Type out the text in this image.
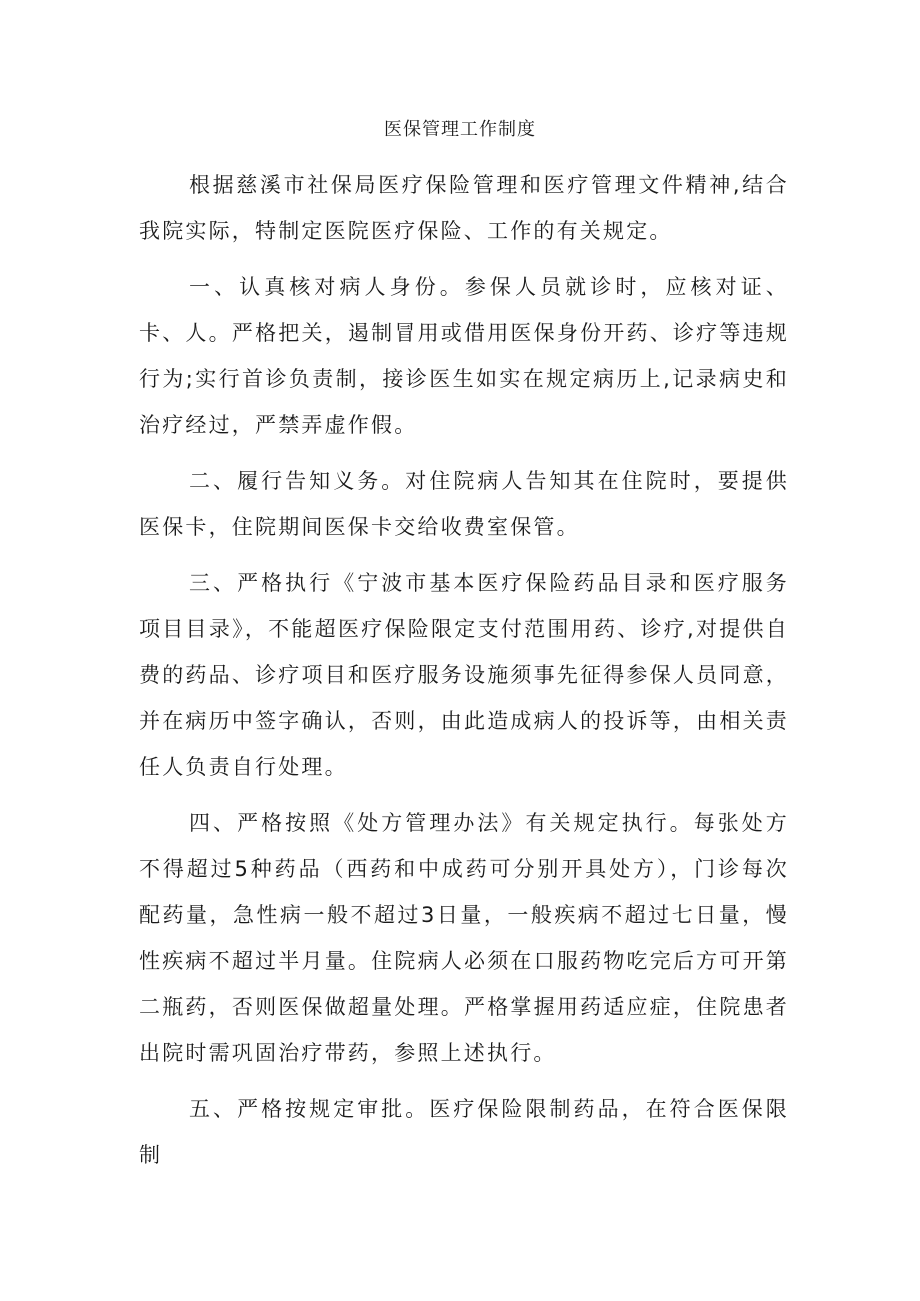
医保管理工作制度

根据慈溪市社保局医疗保险管理和医疗管理文件精神,结合我院实际，特制定医院医疗保险、工作的有关规定。

一、认真核对病人身份。参保人员就诊时，应核对证、卡、人。严格把关，遏制冒用或借用医保身份开药、诊疗等违规行为;实行首诊负责制，接诊医生如实在规定病历上,记录病史和治疗经过，严禁弄虚作假。

二、履行告知义务。对住院病人告知其在住院时，要提供医保卡，住院期间医保卡交给收费室保管。

三、严格执行《宁波市基本医疗保险药品目录和医疗服务项目目录》，不能超医疗保险限定支付范围用药、诊疗,对提供自费的药品、诊疗项目和医疗服务设施须事先征得参保人员同意，并在病历中签字确认，否则，由此造成病人的投诉等，由相关责任人负责自行处理。

四、严格按照《处方管理办法》有关规定执行。每张处方不得超过5种药品（西药和中成药可分别开具处方），门诊每次配药量，急性病一般不超过3日量，一般疾病不超过七日量，慢性疾病不超过半月量。住院病人必须在口服药物吃完后方可开第二瓶药，否则医保做超量处理。严格掌握用药适应症，住院患者出院时需巩固治疗带药，参照上述执行。

五、严格按规定审批。医疗保险限制药品，在符合医保限制
